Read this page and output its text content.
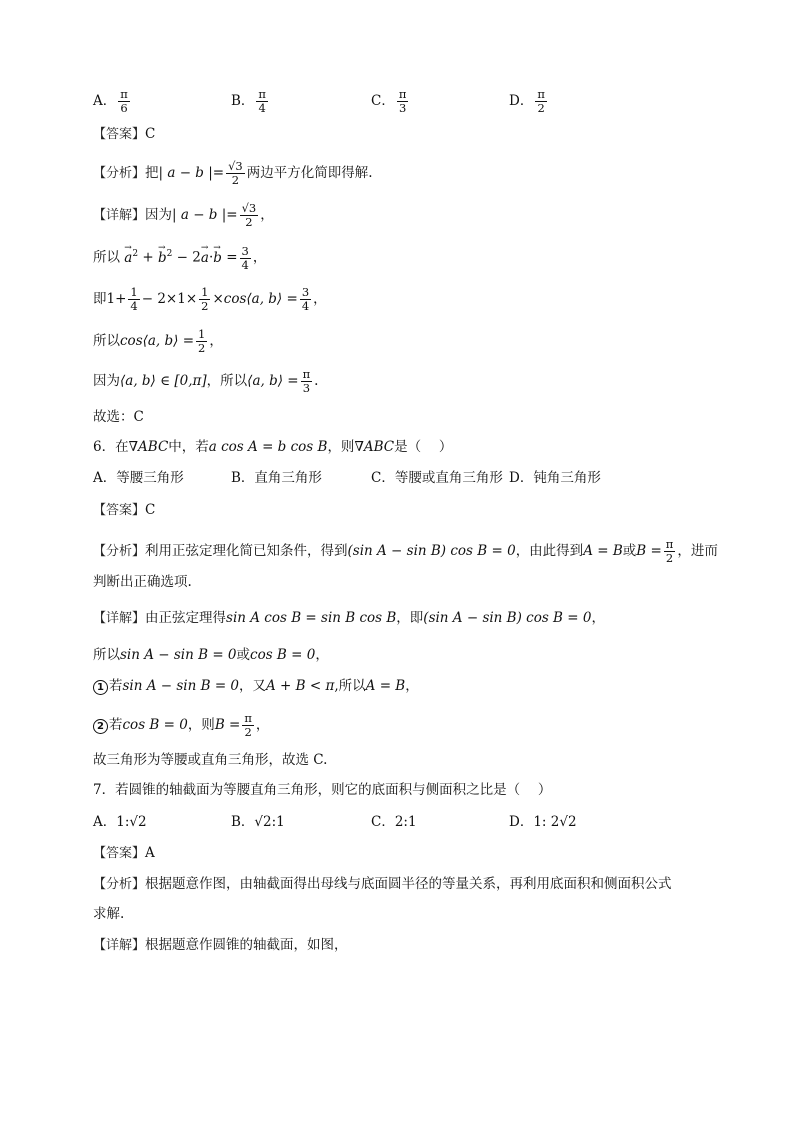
A． $\frac{\pi}{6}$	B． $\frac{\pi}{4}$	C． $\frac{\pi}{3}$	D． $\frac{\pi}{2}$
【答案】C
【分析】把| a − b |= $\frac{√3}{2}$ 两边平方化简即得解.
【详解】因为| a − b |= $\frac{√3}{2}$ ，
所以 → $a^2$ + → $b^2 - 2\to a\cdot\to b = \frac{3}{4}$ ，
即$1+ \frac{1}{4} - 2\times 1\times \frac{1}{2}$ ×cos⟨a, b⟩ = $\frac{3}{4}$ ，
所以cos⟨a, b⟩ = $\frac{1}{2}$ ，
因为⟨a, b⟩ ∈ [0,π]，所以⟨a, b⟩ = $\frac{\pi}{3}$ .
故选：C
6．在∇ABC中，若a cos A = b cos B，则∇ABC是（　 ）
A．等腰三角形	B．直角三角形	C．等腰或直角三角形 D．钝角三角形
【答案】C
【分析】利用正弦定理化简已知条件，得到(sin A − sin B) cos B = 0，由此得到A = B或$B = \frac{\pi}{2}$ ，进而
判断出正确选项.
【详解】由正弦定理得sin A cos B = sin B cos B，即(sin A − sin B) cos B = 0，
所以sin A − sin B = 0或cos B = 0，
1 若sin A − sin B = 0，又A + B < π,所以A = B，
2 若cos B = 0，则$B = \frac{\pi}{2}$ ，
故三角形为等腰或直角三角形，故选 C.
7．若圆锥的轴截面为等腰直角三角形，则它的底面积与侧面积之比是（　 ）
A．1:√2	B．√2:1	C．2:1	D．1: 2√2
【答案】A
【分析】根据题意作图，由轴截面得出母线与底面圆半径的等量关系，再利用底面积和侧面积公式
求解.
【详解】根据题意作圆锥的轴截面，如图，
